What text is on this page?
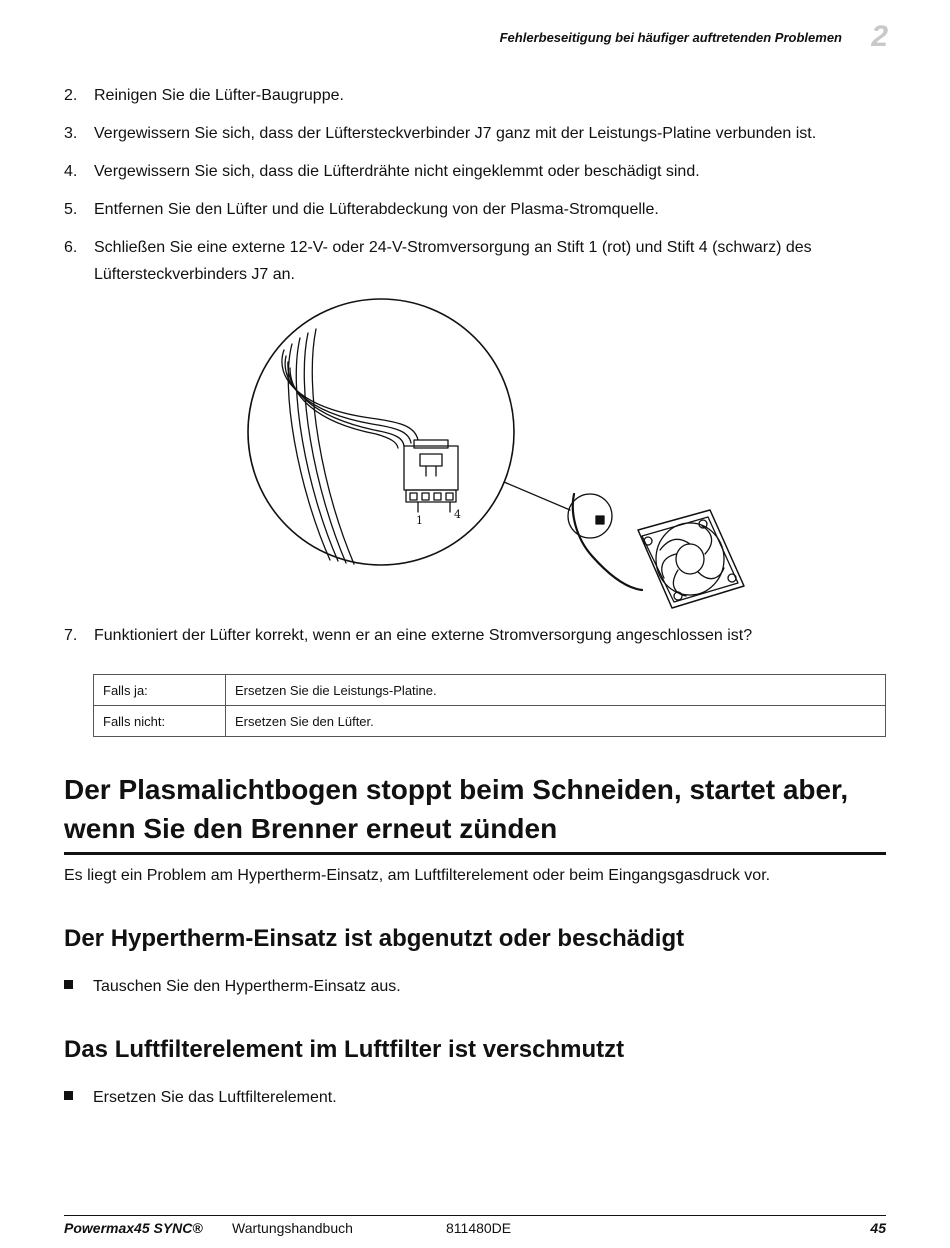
Fehlerbeseitigung bei häufiger auftretenden Problemen 2
2. Reinigen Sie die Lüfter-Baugruppe.
3. Vergewissern Sie sich, dass der Lüftersteckverbinder J7 ganz mit der Leistungs-Platine verbunden ist.
4. Vergewissern Sie sich, dass die Lüfterdrähte nicht eingeklemmt oder beschädigt sind.
5. Entfernen Sie den Lüfter und die Lüfterabdeckung von der Plasma-Stromquelle.
6. Schließen Sie eine externe 12-V- oder 24-V-Stromversorgung an Stift 1 (rot) und Stift 4 (schwarz) des Lüftersteckverbinders J7 an.
1	4
7. Funktioniert der Lüfter korrekt, wenn er an eine externe Stromversorgung angeschlossen ist?
Falls ja:	Ersetzen Sie die Leistungs-Platine.
Falls nicht:	Ersetzen Sie den Lüfter.
Der Plasmalichtbogen stoppt beim Schneiden, startet aber, wenn Sie den Brenner erneut zünden

Es liegt ein Problem am Hypertherm-Einsatz, am Luftfilterelement oder beim Eingangsgasdruck vor.

Der Hypertherm-Einsatz ist abgenutzt oder beschädigt
Tauschen Sie den Hypertherm-Einsatz aus.
Das Luftfilterelement im Luftfilter ist verschmutzt
Ersetzen Sie das Luftfilterelement.
Powermax45 SYNC® Wartungshandbuch	811480DE	45
